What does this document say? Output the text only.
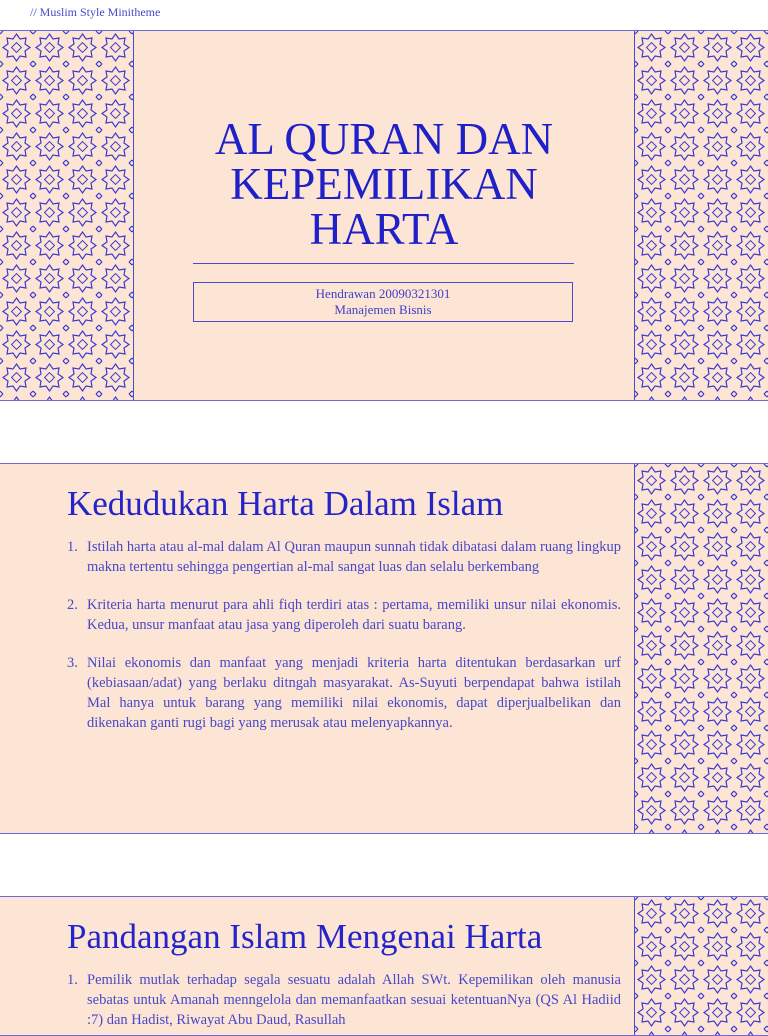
// Muslim Style Minitheme
AL QURAN DAN
KEPEMILIKAN
HARTA
Hendrawan 20090321301
Manajemen Bisnis
Kedudukan Harta Dalam Islam
1. Istilah harta atau al-mal dalam Al Quran maupun sunnah tidak dibatasi dalam ruang lingkup makna tertentu sehingga pengertian al-mal sangat luas dan selalu berkembang
2. Kriteria harta menurut para ahli fiqh terdiri atas : pertama, memiliki unsur nilai ekonomis. Kedua, unsur manfaat atau jasa yang diperoleh dari suatu barang.
3. Nilai ekonomis dan manfaat yang menjadi kriteria harta ditentukan berdasarkan urf (kebiasaan/adat) yang berlaku ditngah masyarakat. As-Suyuti berpendapat bahwa istilah Mal hanya untuk barang yang memiliki nilai ekonomis, dapat diperjualbelikan dan dikenakan ganti rugi bagi yang merusak atau melenyapkannya.
Pandangan Islam Mengenai Harta
1. Pemilik mutlak terhadap segala sesuatu adalah Allah SWt. Kepemilikan oleh manusia sebatas untuk Amanah menngelola dan memanfaatkan sesuai ketentuanNya (QS Al Hadiid :7) dan Hadist, Riwayat Abu Daud, Rasullah
